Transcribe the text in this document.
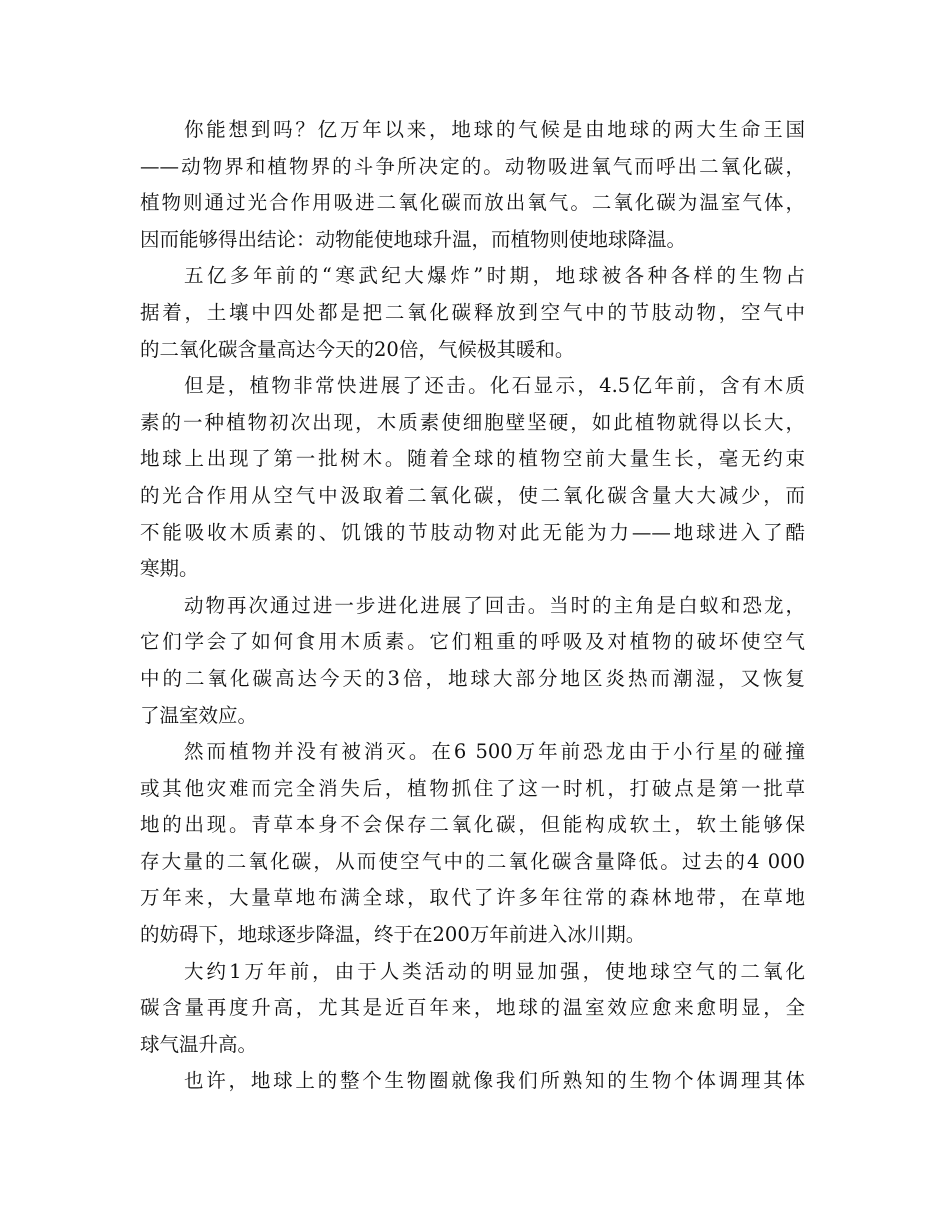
你能想到吗？亿万年以来，地球的气候是由地球的两大生命王国
——动物界和植物界的斗争所决定的。动物吸进氧气而呼出二氧化碳，
植物则通过光合作用吸进二氧化碳而放出氧气。二氧化碳为温室气体，
因而能够得出结论：动物能使地球升温，而植物则使地球降温。
五亿多年前的“寒武纪大爆炸”时期，地球被各种各样的生物占
据着，土壤中四处都是把二氧化碳释放到空气中的节肢动物，空气中
的二氧化碳含量高达今天的20倍，气候极其暖和。
但是，植物非常快进展了还击。化石显示，4.5亿年前，含有木质
素的一种植物初次出现，木质素使细胞壁坚硬，如此植物就得以长大，
地球上出现了第一批树木。随着全球的植物空前大量生长，毫无约束
的光合作用从空气中汲取着二氧化碳，使二氧化碳含量大大减少，而
不能吸收木质素的、饥饿的节肢动物对此无能为力——地球进入了酷
寒期。
动物再次通过进一步进化进展了回击。当时的主角是白蚁和恐龙，
它们学会了如何食用木质素。它们粗重的呼吸及对植物的破坏使空气
中的二氧化碳高达今天的3倍，地球大部分地区炎热而潮湿，又恢复
了温室效应。
然而植物并没有被消灭。在6 500万年前恐龙由于小行星的碰撞
或其他灾难而完全消失后，植物抓住了这一时机，打破点是第一批草
地的出现。青草本身不会保存二氧化碳，但能构成软土，软土能够保
存大量的二氧化碳，从而使空气中的二氧化碳含量降低。过去的4 000
万年来，大量草地布满全球，取代了许多年往常的森林地带，在草地
的妨碍下，地球逐步降温，终于在200万年前进入冰川期。
大约1万年前，由于人类活动的明显加强，使地球空气的二氧化
碳含量再度升高，尤其是近百年来，地球的温室效应愈来愈明显，全
球气温升高。
也许，地球上的整个生物圈就像我们所熟知的生物个体调理其体
